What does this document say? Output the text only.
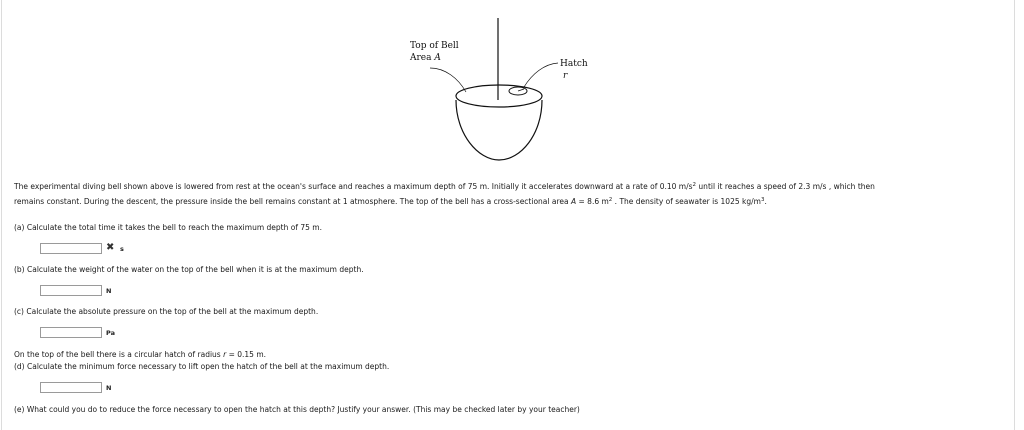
Top of Bell
Area A
Hatch
r
The experimental diving bell shown above is lowered from rest at the ocean's surface and reaches a maximum depth of 75 m. Initially it accelerates downward at a rate of 0.10 $m/s^2$ until it reaches a speed of 2.3 m/s , which then
remains constant. During the descent, the pressure inside the bell remains constant at 1 atmosphere. The top of the bell has a cross-sectional area A = 8.6 $m^2$ . The density of seawater is 1025 $kg/m^3$.
(a) Calculate the total time it takes the bell to reach the maximum depth of 75 m.
✖ s
(b) Calculate the weight of the water on the top of the bell when it is at the maximum depth.
N
(c) Calculate the absolute pressure on the top of the bell at the maximum depth.
Pa
On the top of the bell there is a circular hatch of radius r = 0.15 m.
(d) Calculate the minimum force necessary to lift open the hatch of the bell at the maximum depth.
N
(e) What could you do to reduce the force necessary to open the hatch at this depth? Justify your answer. (This may be checked later by your teacher)
